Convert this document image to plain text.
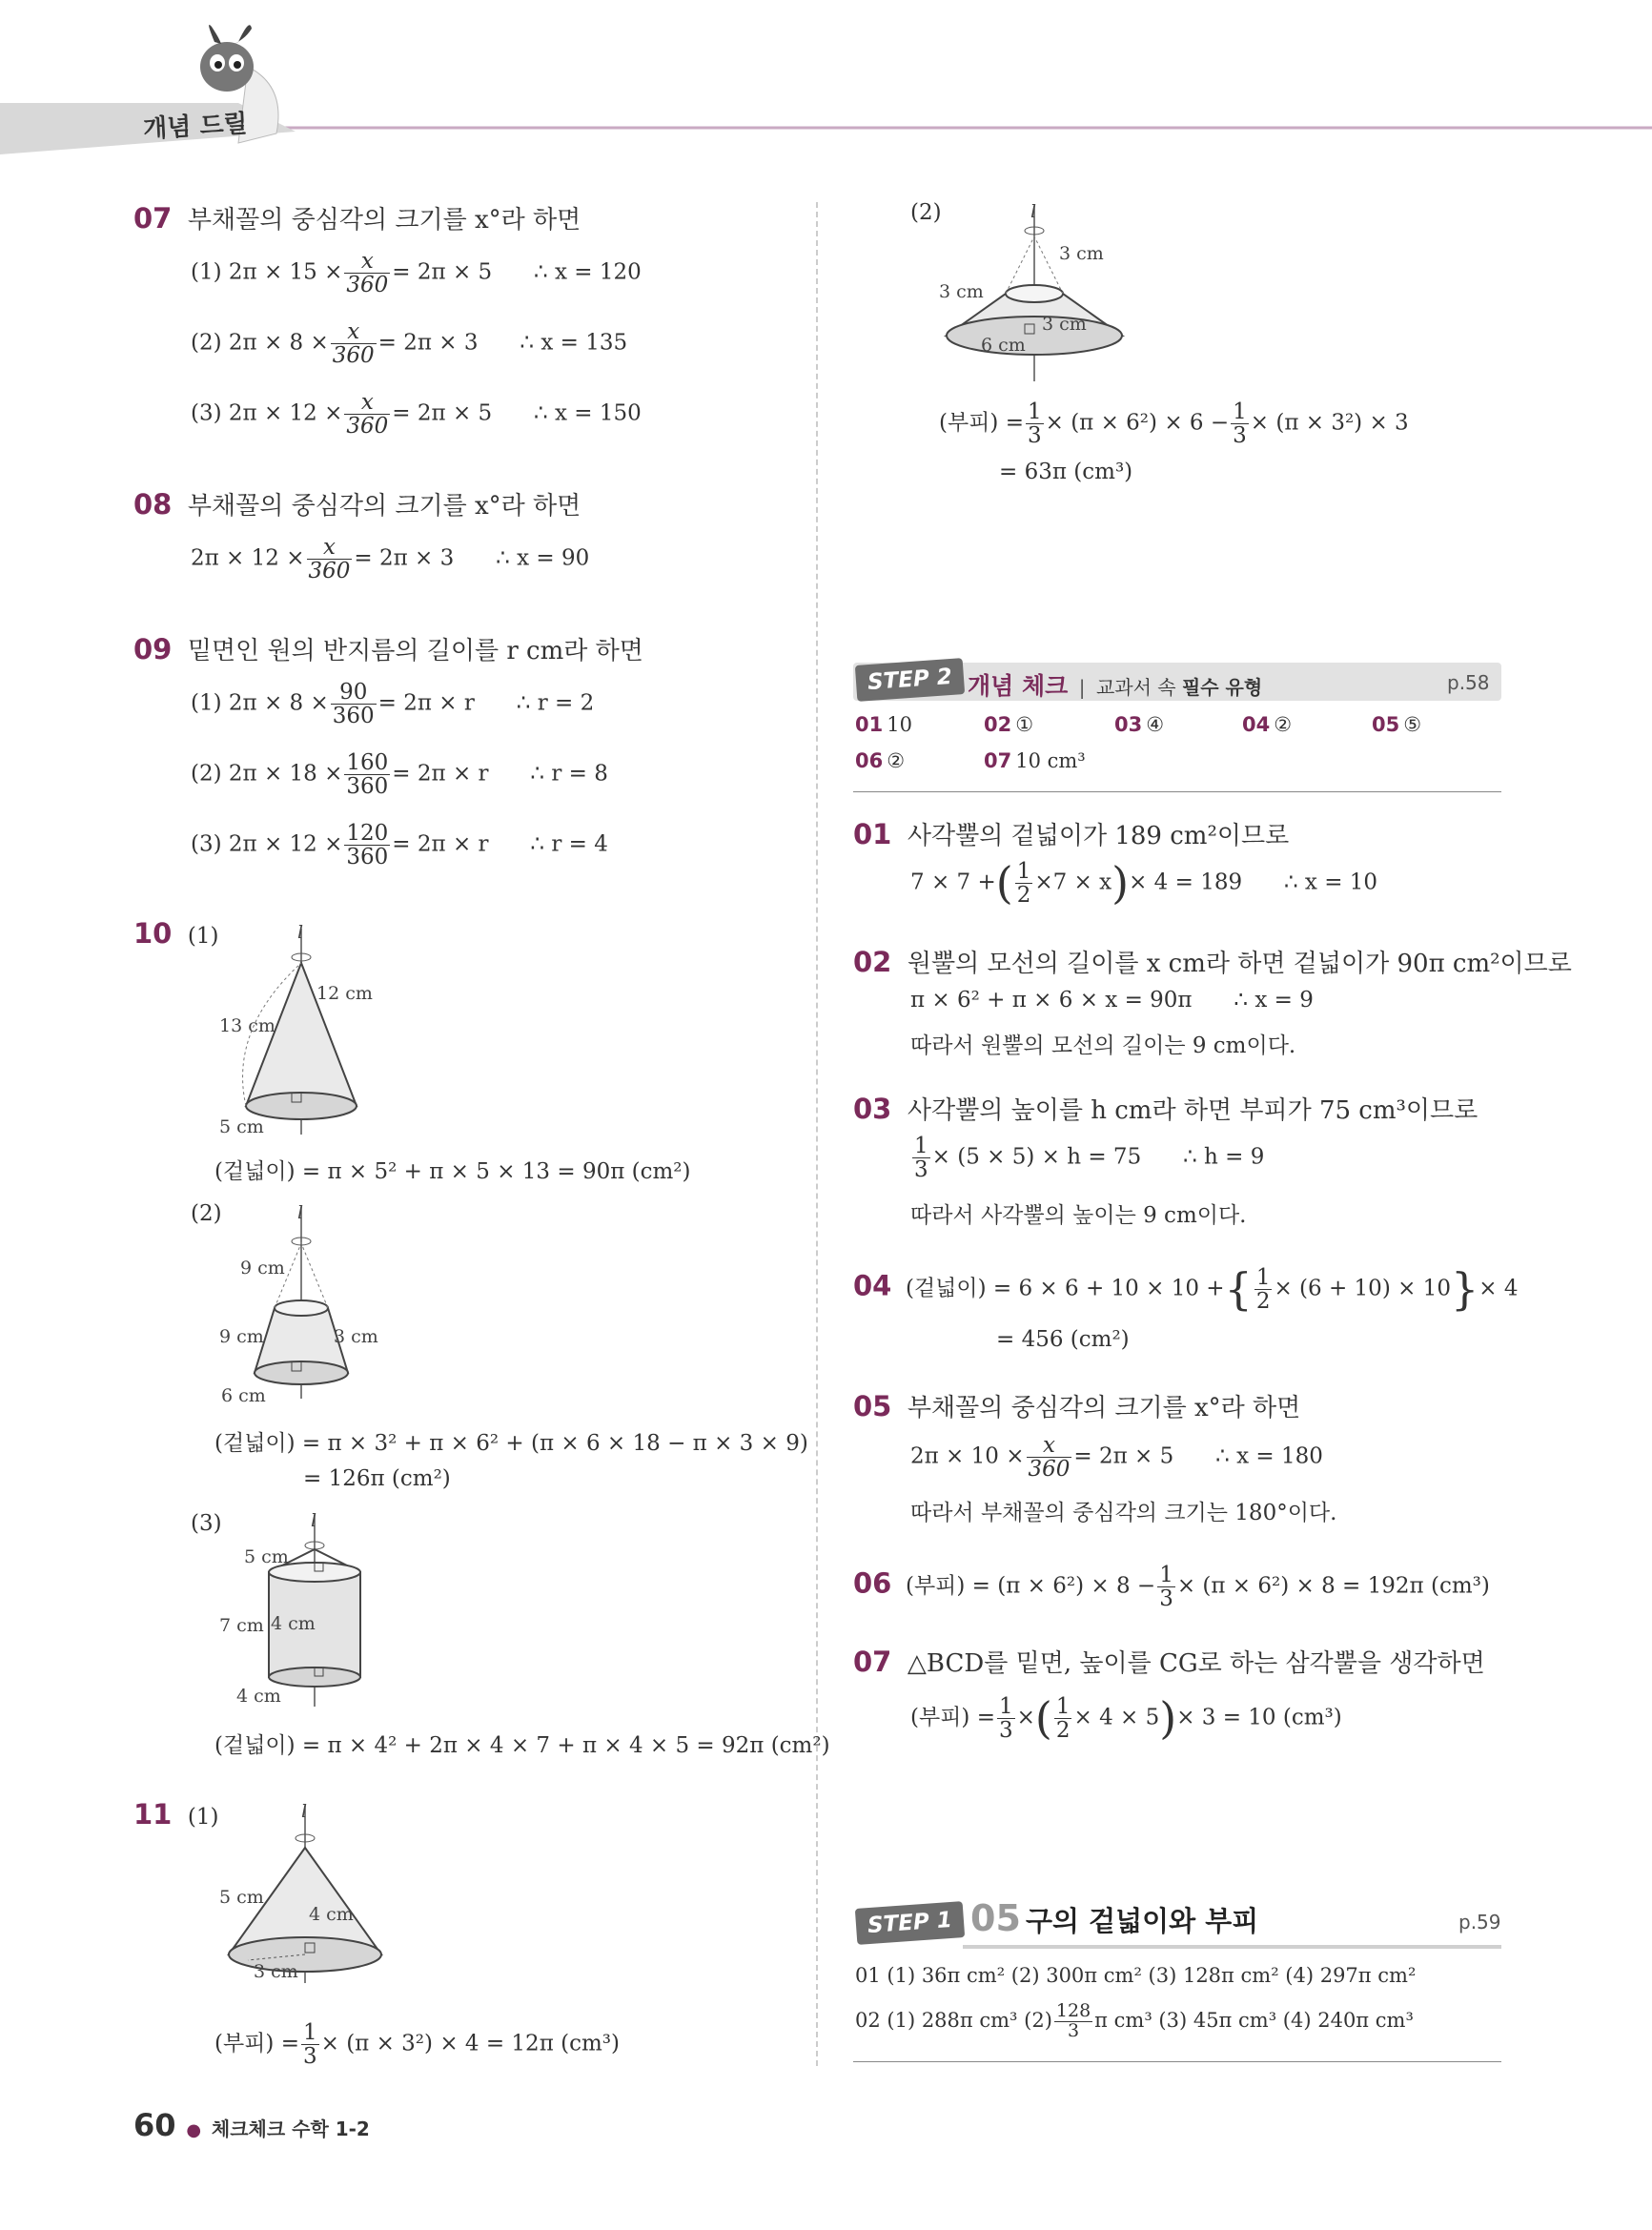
개념 드릴
07 부채꼴의 중심각의 크기를 x°라 하면
(1) $2\pi \times 15 \times \frac{x}{360} = 2\pi \times 5$ ∴ x = 120
(2) $2\pi \times 8 \times \frac{x}{360} = 2\pi \times 3$ ∴ x = 135
(3) $2\pi \times 12 \times \frac{x}{360} = 2\pi \times 5$ ∴ x = 150
08 부채꼴의 중심각의 크기를 x°라 하면
$2\pi \times 12 \times \frac{x}{360} = 2\pi \times 3$ ∴ x = 90
09 밑면인 원의 반지름의 길이를 r cm라 하면
(1) $2\pi \times 8 \times \frac{90}{360} = 2\pi \times r$ ∴ r = 2
(2) $2\pi \times 18 \times \frac{160}{360} = 2\pi \times r$ ∴ r = 8
(3) $2\pi \times 12 \times \frac{120}{360} = 2\pi \times r$ ∴ r = 4
10 (1)	l
13 cm
12 cm
5 cm
(겉넓이) = π × 5² + π × 5 × 13 = 90π (cm²)
(2)	l
9 cm
9 cm	3 cm
6 cm
(겉넓이) = π × 3² + π × 6² + (π × 6 × 18 − π × 3 × 9)
= 126π (cm²)
(3)	l
5 cm
7 cm 4 cm
4 cm
(겉넓이) = π × 4² + 2π × 4 × 7 + π × 4 × 5 = 92π (cm²)
11 (1)	l
5 cm
4 cm
3 cm
(부피) = $\frac{1}{3} \times (\pi \times 3^2) \times 4 = 12\pi$ (cm³)
60  ●  체크체크 수학 1-2
(2)	l
3 cm
3 cm
3 cm
6 cm
(부피) = $\frac{1}{3} \times (\pi \times 6^2) \times 6 - \frac{1}{3} \times (\pi \times 3^2) \times 3$
= 63π (cm³)
STEP 2 개념 체크  |  교과서 속 필수 유형	p.58
01 10	02 ①	03 ④	04 ②	05 ⑤
06 ②	07 10 cm³
01 사각뿔의 겉넓이가 189 cm²이므로
7 × 7 +( $\frac{1}{2} \times 7 \times x)\times 4 = 189$ ∴ x = 10
02 원뿔의 모선의 길이를 x cm라 하면 겉넓이가 90π cm²이므로
π × 6² + π × 6 × x = 90π ∴ x = 9
따라서 원뿔의 모선의 길이는 9 cm이다.
03 사각뿔의 높이를 h cm라 하면 부피가 75 cm³이므로
$\frac{1}{3} \times (5 \times 5) \times h = 75$ ∴ h = 9
따라서 사각뿔의 높이는 9 cm이다.
04 (겉넓이) = 6 × 6 + 10 × 10 +{ $\frac{1}{2} \times (6 + 10) \times 10\}\times 4$
= 456 (cm²)
05 부채꼴의 중심각의 크기를 x°라 하면
$2\pi \times 10 \times \frac{x}{360} = 2\pi \times 5$ ∴ x = 180
따라서 부채꼴의 중심각의 크기는 180°이다.
06 (부피) = $(\pi \times 6^2) \times 8 - \frac{1}{3} \times (\pi \times 6^2) \times 8 = 192\pi$ (cm³)
07 △BCD를 밑면, 높이를 CG로 하는 삼각뿔을 생각하면
(부피) = $\frac{1}{3}$ ×( $\frac{1}{2} \times 4 \times 5)\times 3 = 10$ (cm³)
STEP 1 05 구의 겉넓이와 부피	p.59
01 (1) 36π cm² (2) 300π cm² (3) 128π cm² (4) 297π cm²
02 (1) 288π cm³ $(2) \frac{128}{3}$ π cm³ (3) 45π cm³ (4) 240π cm³
